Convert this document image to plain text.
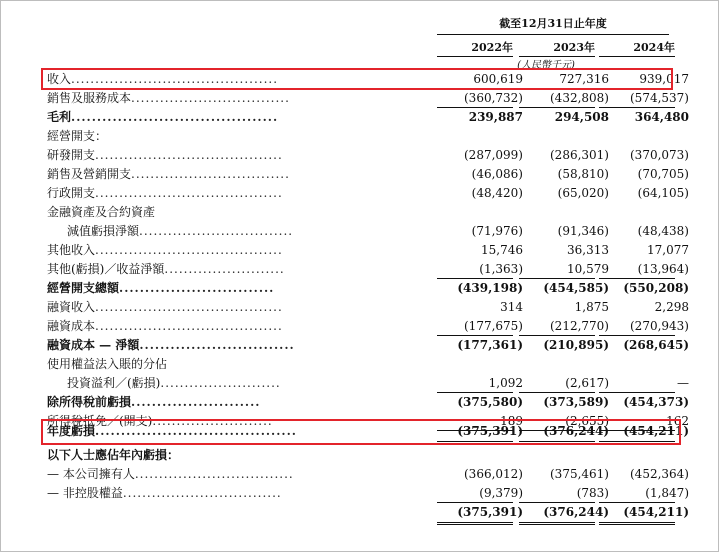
截至12月31日止年度
2022年	2023年	2024年
(人民幣千元)
收入...........................................	600,619	727,316	939,017
銷售及服務成本.................................	(360,732)	(432,808)	(574,537)
毛利........................................	239,887	294,508	364,480
經營開支：
研發開支.......................................	(287,099)	(286,301)	(370,073)
銷售及營銷開支.................................	(46,086)	(58,810)	(70,705)
行政開支.......................................	(48,420)	(65,020)	(64,105)
金融資產及合約資產
減值虧損淨額................................	(71,976)	(91,346)	(48,438)
其他收入.......................................	15,746	36,313	17,077
其他(虧損)／收益淨額.........................	(1,363)	10,579	(13,964)
經營開支總額..............................	(439,198)	(454,585)	(550,208)
融資收入.......................................	314	1,875	2,298
融資成本.......................................	(177,675)	(212,770)	(270,943)
融資成本 — 淨額..............................	(177,361)	(210,895)	(268,645)
使用權益法入賬的分佔
投資溢利／(虧損).........................	1,092	(2,617)	—
除所得稅前虧損.........................	(375,580)	(373,589)	(454,373)
所得稅抵免／(開支).........................	189	(2,655)	162
年度虧損.......................................	(375,391)	(376,244)	(454,211)
以下人士應佔年內虧損：
— 本公司擁有人.................................	(366,012)	(375,461)	(452,364)
— 非控股權益.................................	(9,379)	(783)	(1,847)
(375,391)	(376,244)	(454,211)
